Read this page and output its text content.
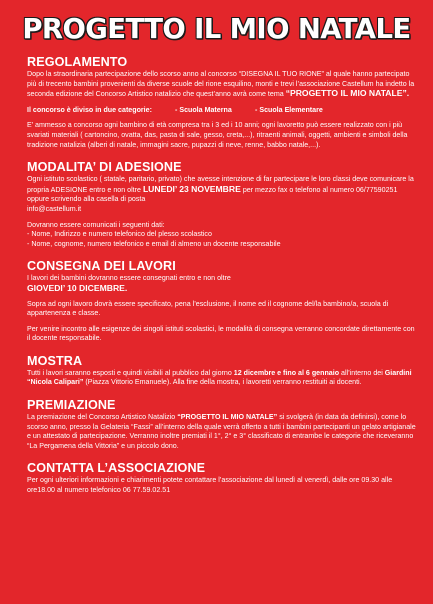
PROGETTO IL MIO NATALE
REGOLAMENTO

Dopo la straordinaria partecipazione dello scorso anno al concorso “DISEGNA IL TUO RIONE” al quale hanno partecipato più di trecento bambini provenienti da diverse scuole del rione esquilino, monti e trevi l’associazione Castellum ha indetto la seconda edizione del Concorso Artistico natalizio che quest’anno avrà come tema “PROGETTO IL MIO NATALE”.

Il concorso è diviso in due categorie:	- Scuola Materna	- Scuola Elementare

E’ ammesso a concorso ogni bambino di età compresa tra i 3 ed i 10 anni; ogni lavoretto può essere realizzato con i più svariati materiali ( cartoncino, ovatta, das, pasta di sale, gesso, creta,...), ritraenti animali, oggetti, ambienti e simboli della tradizione natalizia (alberi di natale, immagini sacre, pupazzi di neve, renne, babbo natale,...).

MODALITA’ DI ADESIONE

Ogni istituto scolastico ( statale, paritario, privato) che avesse intenzione di far partecipare le loro classi deve comunicare la propria ADESIONE entro e non oltre LUNEDI’ 23 NOVEMBRE per mezzo fax o telefono al numero 06/77590251 oppure scrivendo alla casella di posta

info@castellum.it

Dovranno essere comunicati i seguenti dati:

- Nome, Indirizzo e numero telefonico del plesso scolastico

- Nome, cognome, numero telefonico e email di almeno un docente responsabile

CONSEGNA DEI LAVORI

I lavori dei bambini dovranno essere consegnati entro e non oltre

GIOVEDI’ 10 DICEMBRE.

Sopra ad ogni lavoro dovrà essere specificato, pena l’esclusione, il nome ed il cognome del/la bambino/a, scuola di appartenenza e classe.

Per venire incontro alle esigenze dei singoli istituti scolastici, le modalità di consegna verranno concordate direttamente con il docente responsabile.

MOSTRA

Tutti i lavori saranno esposti e quindi visibili al pubblico dal giorno 12 dicembre e fino al 6 gennaio all’interno dei Giardini “Nicola Calipari” (Piazza Vittorio Emanuele). Alla fine della mostra, i lavoretti verranno restituiti ai docenti.

PREMIAZIONE

La premiazione del Concorso Artistico Natalizio “PROGETTO IL MIO NATALE” si svolgerà (in data da definirsi), come lo scorso anno, presso la Gelateria “Fassi” all’interno della quale verrà offerto a tutti i bambini partecipanti un gelato artigianale e un attestato di partecipazione. Verranno inoltre premiati il 1°, 2° e 3° classificato di entrambe le categorie che riceveranno “La Pergamena della Vittoria” e un piccolo dono.

CONTATTA L’ASSOCIAZIONE

Per ogni ulteriori informazioni e chiarimenti potete contattare l’associazione dal lunedì al venerdì, dalle ore 09.30 alle ore18.00 al numero telefonico 06 77.59.02.51
